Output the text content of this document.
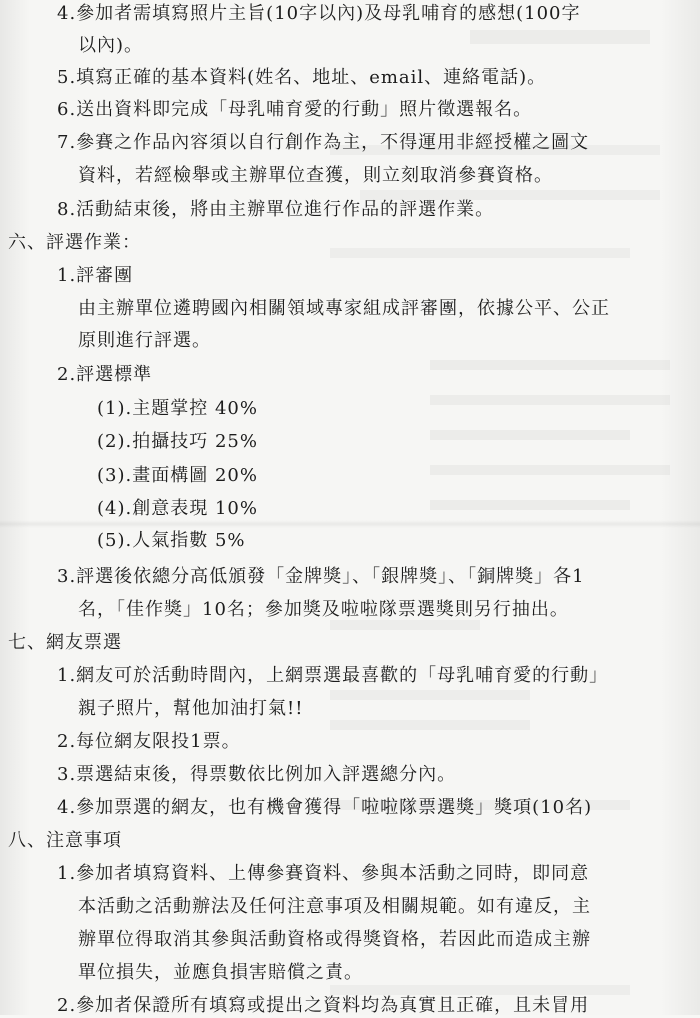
4.參加者需填寫照片主旨(10字以內)及母乳哺育的感想(100字
以內)。
5.填寫正確的基本資料(姓名、地址、email、連絡電話)。
6.送出資料即完成「母乳哺育愛的行動」照片徵選報名。
7.參賽之作品內容須以自行創作為主，不得運用非經授權之圖文
資料，若經檢舉或主辦單位查獲，則立刻取消參賽資格。
8.活動結束後，將由主辦單位進行作品的評選作業。
六、評選作業：
1.評審團
由主辦單位遴聘國內相關領域專家組成評審團，依據公平、公正
原則進行評選。
2.評選標準
(1).主題掌控 40%
(2).拍攝技巧 25%
(3).畫面構圖 20%
(4).創意表現 10%
(5).人氣指數 5%
3.評選後依總分高低頒發「金牌獎」、「銀牌獎」、「銅牌獎」各1
名，「佳作獎」10名；參加獎及啦啦隊票選獎則另行抽出。
七、網友票選
1.網友可於活動時間內，上網票選最喜歡的「母乳哺育愛的行動」
親子照片，幫他加油打氣!!
2.每位網友限投1票。
3.票選結束後，得票數依比例加入評選總分內。
4.參加票選的網友，也有機會獲得「啦啦隊票選獎」獎項(10名)
八、注意事項
1.參加者填寫資料、上傳參賽資料、參與本活動之同時，即同意
本活動之活動辦法及任何注意事項及相關規範。如有違反，主
辦單位得取消其參與活動資格或得獎資格，若因此而造成主辦
單位損失，並應負損害賠償之責。
2.參加者保證所有填寫或提出之資料均為真實且正確，且未冒用
